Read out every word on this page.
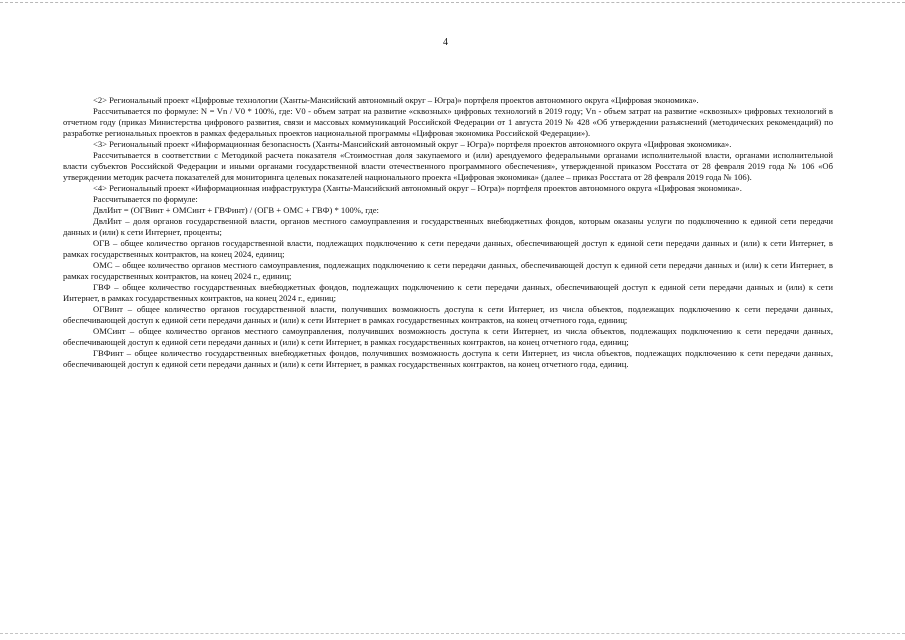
4

<2> Региональный проект «Цифровые технологии (Ханты-Мансийский автономный округ – Югра)» портфеля проектов автономного округа «Цифровая экономика».

Рассчитывается по формуле: N = Vn / V0 * 100%, где: V0 - объем затрат на развитие «сквозных» цифровых технологий в 2019 году; Vn - объем затрат на развитие «сквозных» цифровых технологий в отчетном году (приказ Министерства цифрового развития, связи и массовых коммуникаций Российской Федерации от 1 августа 2019 № 428 «Об утверждении разъяснений (методических рекомендаций) по разработке региональных проектов в рамках федеральных проектов национальной программы «Цифровая экономика Российской Федерации»).

<3> Региональный проект «Информационная безопасность (Ханты-Мансийский автономный округ – Югра)» портфеля проектов автономного округа «Цифровая экономика».

Рассчитывается в соответствии с Методикой расчета показателя «Стоимостная доля закупаемого и (или) арендуемого федеральными органами исполнительной власти, органами исполнительной власти субъектов Российской Федерации и иными органами государственной власти отечественного программного обеспечения», утвержденной приказом Росстата от 28 февраля 2019 года № 106 «Об утверждении методик расчета показателей для мониторинга целевых показателей национального проекта «Цифровая экономика» (далее – приказ Росстата от 28 февраля 2019 года № 106).

<4> Региональный проект «Информационная инфраструктура (Ханты-Мансийский автономный округ – Югра)» портфеля проектов автономного округа «Цифровая экономика».

Рассчитывается по формуле:

ДвлИнт = (ОГВинт + ОМСинт + ГВФинт) / (ОГВ + ОМС + ГВФ) * 100%, где:

ДвлИнт – доля органов государственной власти, органов местного самоуправления и государственных внебюджетных фондов, которым оказаны услуги по подключению к единой сети передачи данных и (или) к сети Интернет, проценты;

ОГВ – общее количество органов государственной власти, подлежащих подключению к сети передачи данных, обеспечивающей доступ к единой сети передачи данных и (или) к сети Интернет, в рамках государственных контрактов, на конец 2024, единиц;

ОМС – общее количество органов местного самоуправления, подлежащих подключению к сети передачи данных, обеспечивающей доступ к единой сети передачи данных и (или) к сети Интернет, в рамках государственных контрактов, на конец 2024 г., единиц;

ГВФ – общее количество государственных внебюджетных фондов, подлежащих подключению к сети передачи данных, обеспечивающей доступ к единой сети передачи данных и (или) к сети Интернет, в рамках государственных контрактов, на конец 2024 г., единиц;

ОГВинт – общее количество органов государственной власти, получивших возможность доступа к сети Интернет, из числа объектов, подлежащих подключению к сети передачи данных, обеспечивающей доступ к единой сети передачи данных и (или) к сети Интернет в рамках государственных контрактов, на конец отчетного года, единиц;

ОМСинт – общее количество органов местного самоуправления, получивших возможность доступа к сети Интернет, из числа объектов, подлежащих подключению к сети передачи данных, обеспечивающей доступ к единой сети передачи данных и (или) к сети Интернет, в рамках государственных контрактов, на конец отчетного года, единиц;

ГВФинт – общее количество государственных внебюджетных фондов, получивших возможность доступа к сети Интернет, из числа объектов, подлежащих подключению к сети передачи данных, обеспечивающей доступ к единой сети передачи данных и (или) к сети Интернет, в рамках государственных контрактов, на конец отчетного года, единиц.
